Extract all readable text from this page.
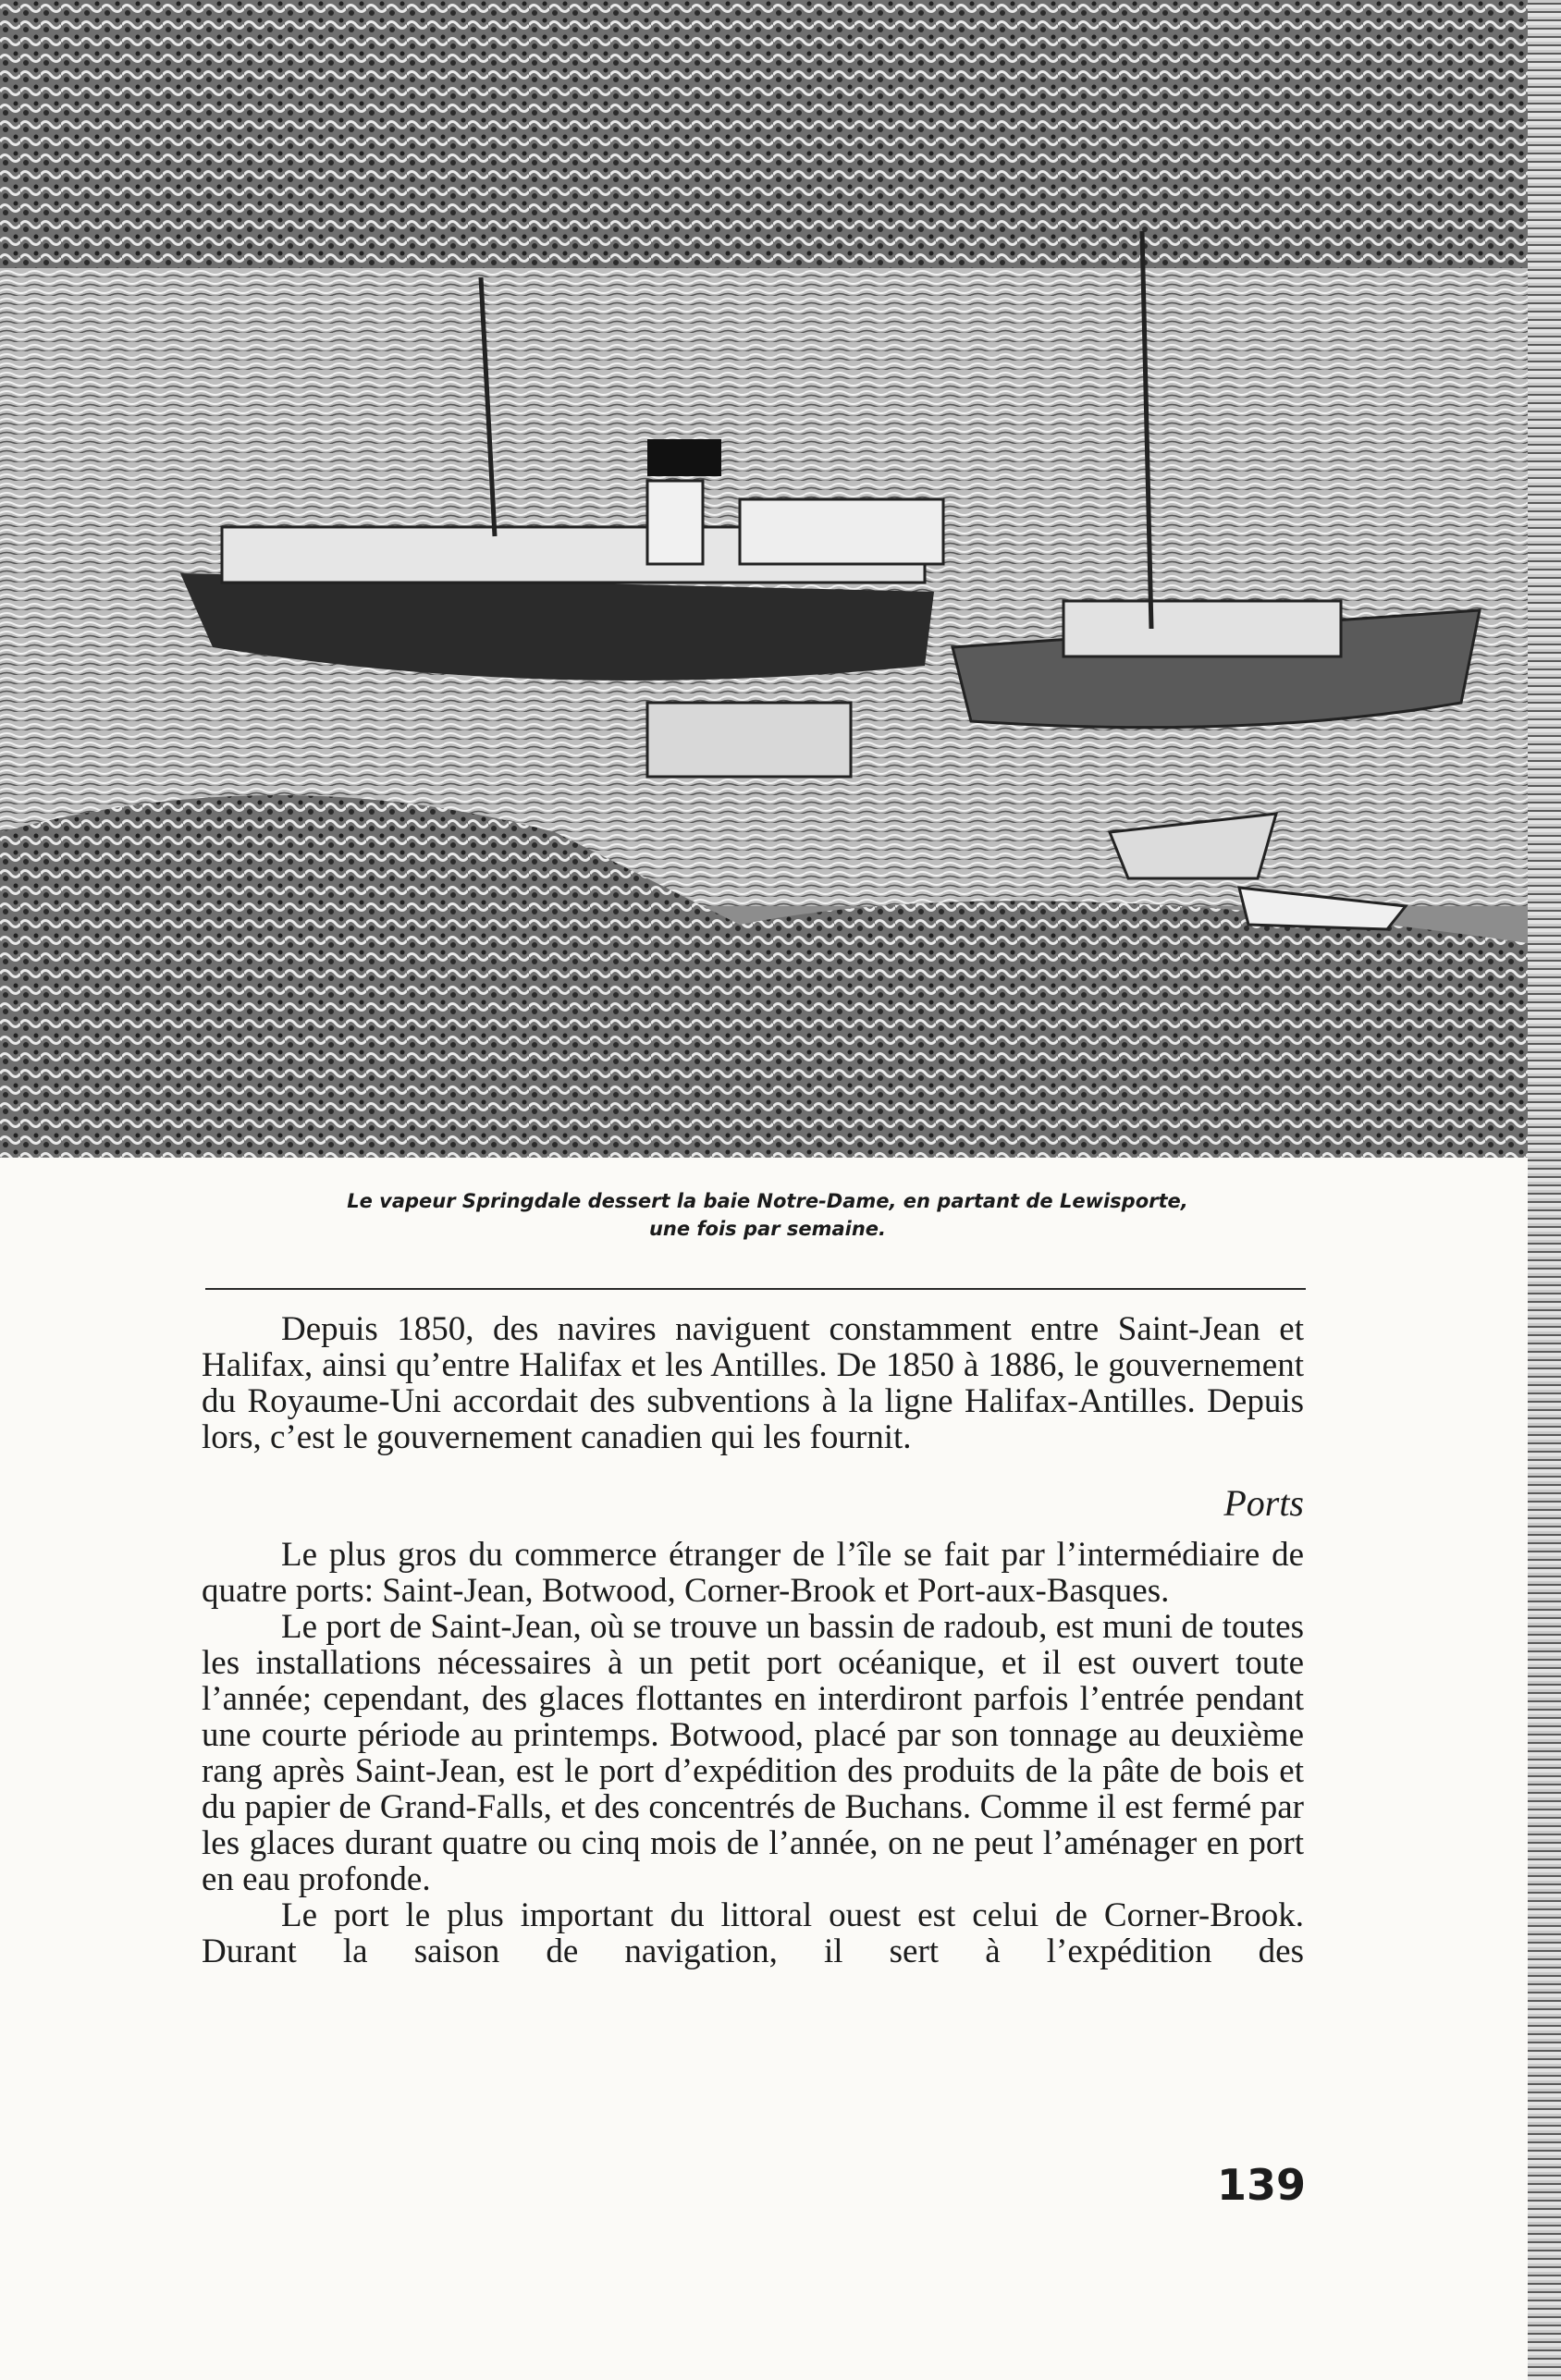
Le vapeur Springdale dessert la baie Notre-Dame, en partant de Lewisporte,
une fois par semaine.

Depuis 1850, des navires naviguent constamment entre Saint-Jean et Halifax, ainsi qu’entre Halifax et les Antilles. De 1850 à 1886, le gouvernement du Royaume-Uni accordait des subventions à la ligne Halifax-Antilles. Depuis lors, c’est le gouvernement canadien qui les fournit.

Ports

Le plus gros du commerce étranger de l’île se fait par l’intermédiaire de quatre ports: Saint-Jean, Botwood, Corner-Brook et Port-aux-Basques.

Le port de Saint-Jean, où se trouve un bassin de radoub, est muni de toutes les installations nécessaires à un petit port océanique, et il est ouvert toute l’année; cependant, des glaces flottantes en interdiront parfois l’entrée pendant une courte période au printemps. Botwood, placé par son tonnage au deuxième rang après Saint-Jean, est le port d’expédition des produits de la pâte de bois et du papier de Grand-Falls, et des concentrés de Buchans. Comme il est fermé par les glaces durant quatre ou cinq mois de l’année, on ne peut l’aménager en port en eau profonde.

Le port le plus important du littoral ouest est celui de Corner-Brook. Durant la saison de navigation, il sert à l’expédition des

139
